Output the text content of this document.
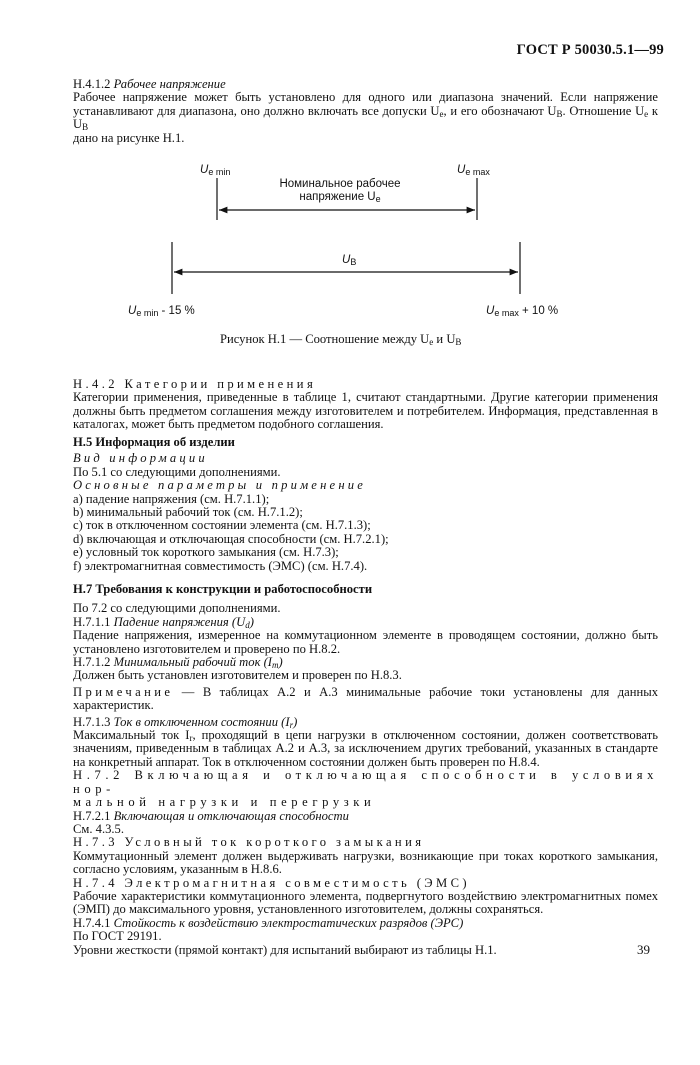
ГОСТ Р 50030.5.1—99

Н.4.1.2 Рабочее напряжение

Рабочее напряжение может быть установлено для одного или диапазона значений. Если напряжение устанавливают для диапазона, оно должно включать все допуски $U_e$, и его обозначают $U_B$. Отношение $U_e$ к $U_B$
дано на рисунке Н.1.

$U_{e min}$	$U_{e max}$
Номинальное рабочее
напряжение $U_e$
$U_B$
$U_{e min} - 15$ %	$U_{e max} + 10$ %
Рисунок Н.1 — Соотношение между $U_e$ и $U_B$

Н.4.2 Категории применения

Категории применения, приведенные в таблице 1, считают стандартными. Другие категории применения должны быть предметом соглашения между изготовителем и потребителем. Информация, представленная в каталогах, может быть предметом подобного соглашения.

Н.5 Информация об изделии

Вид информации

По 5.1 со следующими дополнениями.

Основные параметры и применение

a) падение напряжения (см. Н.7.1.1);

b) минимальный рабочий ток (см. Н.7.1.2);

c) ток в отключенном состоянии элемента (см. Н.7.1.3);

d) включающая и отключающая способности (см. Н.7.2.1);

e) условный ток короткого замыкания (см. Н.7.3);

f) электромагнитная совместимость (ЭМС) (см. Н.7.4).

Н.7 Требования к конструкции и работоспособности

По 7.2 со следующими дополнениями.

Н.7.1.1 Падение напряжения $(U_d)$

Падение напряжения, измеренное на коммутационном элементе в проводящем состоянии, должно быть установлено изготовителем и проверено по Н.8.2.

Н.7.1.2 Минимальный рабочий ток $(I_m)$

Должен быть установлен изготовителем и проверен по Н.8.3.

Примечание — В таблицах А.2 и А.3 минимальные рабочие токи установлены для данных характеристик.

Н.7.1.3 Ток в отключенном состоянии $(I_r)$

Максимальный ток $I_r$, проходящий в цепи нагрузки в отключенном состоянии, должен соответствовать значениям, приведенным в таблицах А.2 и А.3, за исключением других требований, указанных в стандарте на конкретный аппарат. Ток в отключенном состоянии должен быть проверен по Н.8.4.

Н.7.2 Включающая и отключающая способности в условиях нор-

мальной нагрузки и перегрузки

Н.7.2.1 Включающая и отключающая способности

См. 4.3.5.

Н.7.3 Условный ток короткого замыкания

Коммутационный элемент должен выдерживать нагрузки, возникающие при токах короткого замыкания, согласно условиям, указанным в Н.8.6.

Н.7.4 Электромагнитная совместимость (ЭМС)

Рабочие характеристики коммутационного элемента, подвергнутого воздействию электромагнитных помех (ЭМП) до максимального уровня, установленного изготовителем, должны сохраняться.

Н.7.4.1 Стойкость к воздействию электростатических разрядов (ЭРС)

По ГОСТ 29191.

Уровни жесткости (прямой контакт) для испытаний выбирают из таблицы Н.1.	39
